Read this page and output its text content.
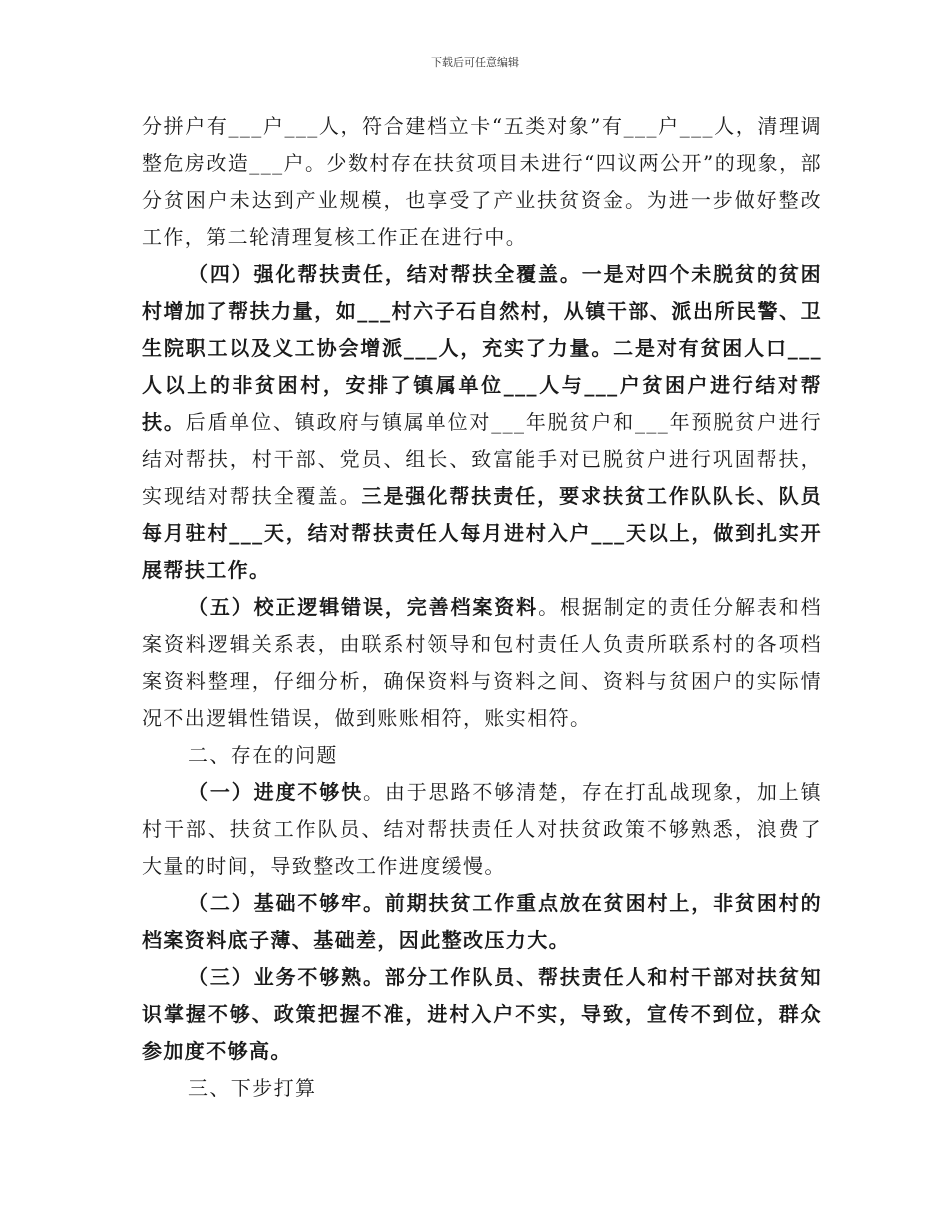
下载后可任意编辑

分拼户有___户___人，符合建档立卡“五类对象”有___户___人，清理调整危房改造___户。少数村存在扶贫项目未进行“四议两公开”的现象，部分贫困户未达到产业规模，也享受了产业扶贫资金。为进一步做好整改工作，第二轮清理复核工作正在进行中。

（四）强化帮扶责任，结对帮扶全覆盖。一是对四个未脱贫的贫困村增加了帮扶力量，如___村六子石自然村，从镇干部、派出所民警、卫生院职工以及义工协会增派___人，充实了力量。二是对有贫困人口___人以上的非贫困村，安排了镇属单位___人与___户贫困户进行结对帮扶。后盾单位、镇政府与镇属单位对___年脱贫户和___年预脱贫户进行结对帮扶，村干部、党员、组长、致富能手对已脱贫户进行巩固帮扶，实现结对帮扶全覆盖。三是强化帮扶责任，要求扶贫工作队队长、队员每月驻村___天，结对帮扶责任人每月进村入户___天以上，做到扎实开展帮扶工作。

（五）校正逻辑错误，完善档案资料。根据制定的责任分解表和档案资料逻辑关系表，由联系村领导和包村责任人负责所联系村的各项档案资料整理，仔细分析，确保资料与资料之间、资料与贫困户的实际情况不出逻辑性错误，做到账账相符，账实相符。

二、存在的问题

（一）进度不够快。由于思路不够清楚，存在打乱战现象，加上镇村干部、扶贫工作队员、结对帮扶责任人对扶贫政策不够熟悉，浪费了大量的时间，导致整改工作进度缓慢。

（二）基础不够牢。前期扶贫工作重点放在贫困村上，非贫困村的档案资料底子薄、基础差，因此整改压力大。

（三）业务不够熟。部分工作队员、帮扶责任人和村干部对扶贫知识掌握不够、政策把握不准，进村入户不实，导致，宣传不到位，群众参加度不够高。

三、下步打算
